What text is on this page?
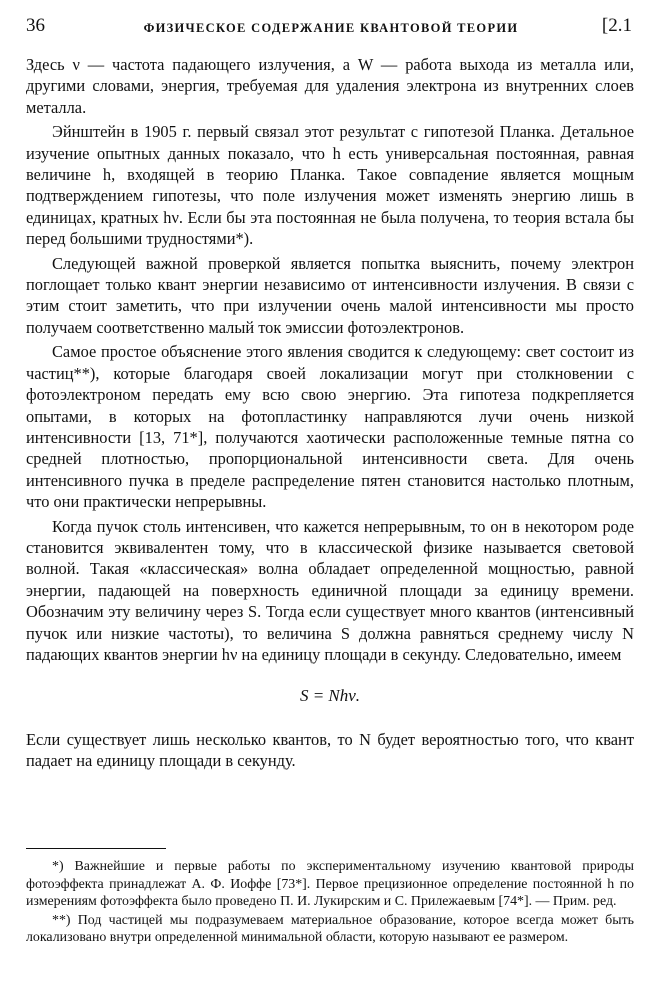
36	ФИЗИЧЕСКОЕ СОДЕРЖАНИЕ КВАНТОВОЙ ТЕОРИИ	[2.1

Здесь ν — частота падающего излучения, а W — работа выхода из металла или, другими словами, энергия, требуемая для удаления электрона из внутренних слоев металла.

Эйнштейн в 1905 г. первый связал этот результат с гипотезой Планка. Детальное изучение опытных данных показало, что h есть универсальная постоянная, равная величине h, входящей в теорию Планка. Такое совпадение является мощным подтверждением гипотезы, что поле излучения может изменять энергию лишь в единицах, кратных hν. Если бы эта постоянная не была получена, то теория встала бы перед большими трудностями*).

Следующей важной проверкой является попытка выяснить, почему электрон поглощает только квант энергии независимо от интенсивности излучения. В связи с этим стоит заметить, что при излучении очень малой интенсивности мы просто получаем соответственно малый ток эмиссии фотоэлектронов.

Самое простое объяснение этого явления сводится к следующему: свет состоит из частиц**), которые благодаря своей локализации могут при столкновении с фотоэлектроном передать ему всю свою энергию. Эта гипотеза подкрепляется опытами, в которых на фотопластинку направляются лучи очень низкой интенсивности [13, 71*], получаются хаотически расположенные темные пятна со средней плотностью, пропорциональной интенсивности света. Для очень интенсивного пучка в пределе распределение пятен становится настолько плотным, что они практически непрерывны.

Когда пучок столь интенсивен, что кажется непрерывным, то он в некотором роде становится эквивалентен тому, что в классической физике называется световой волной. Такая «классическая» волна обладает определенной мощностью, равной энергии, падающей на поверхность единичной площади за единицу времени. Обозначим эту величину через S. Тогда если существует много квантов (интенсивный пучок или низкие частоты), то величина S должна равняться среднему числу N падающих квантов энергии hν на единицу площади в секунду. Следовательно, имеем

S = Nhν.

Если существует лишь несколько квантов, то N будет вероятностью того, что квант падает на единицу площади в секунду.

*) Важнейшие и первые работы по экспериментальному изучению квантовой природы фотоэффекта принадлежат А. Ф. Иоффе [73*]. Первое прецизионное определение постоянной h по измерениям фотоэффекта было проведено П. И. Лукирским и С. Прилежаевым [74*]. — Прим. ред.

**) Под частицей мы подразумеваем материальное образование, которое всегда может быть локализовано внутри определенной минимальной области, которую называют ее размером.
